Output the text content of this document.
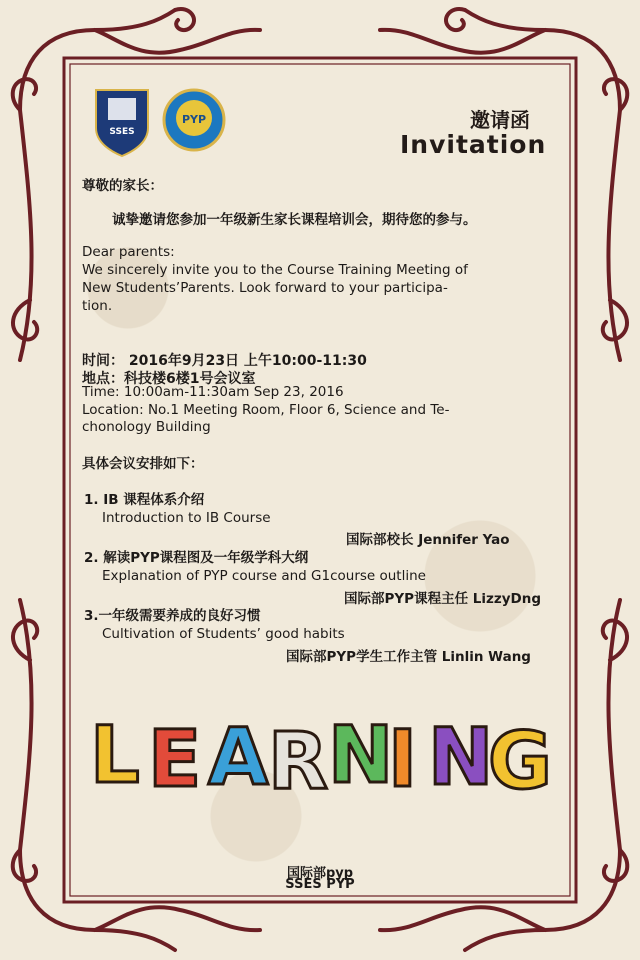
SSES
PYP	邀请函
Invitation
尊敬的家长：
诚挚邀请您参加一年级新生家长课程培训会，期待您的参与。
Dear parents:
We sincerely invite you to the Course Training Meeting of
New Students’Parents. Look forward to your participa-
tion.
时间： 2016年9月23日 上午10:00-11:30
地点：科技楼6楼1号会议室
Time: 10:00am-11:30am Sep 23, 2016
Location: No.1 Meeting Room, Floor 6, Science and Te-
chonology Building
具体会议安排如下：
1. IB 课程体系介绍
Introduction to IB Course
国际部校长 Jennifer Yao
2. 解读PYP课程图及一年级学科大纲
Explanation of PYP course and G1course outline
国际部PYP课程主任 LizzyDng
3.一年级需要养成的良好习惯
Cultivation of Students’ good habits
国际部PYP学生工作主管 Linlin Wang
L E A R N
I N
G
国际部pyp
SSES PYP
